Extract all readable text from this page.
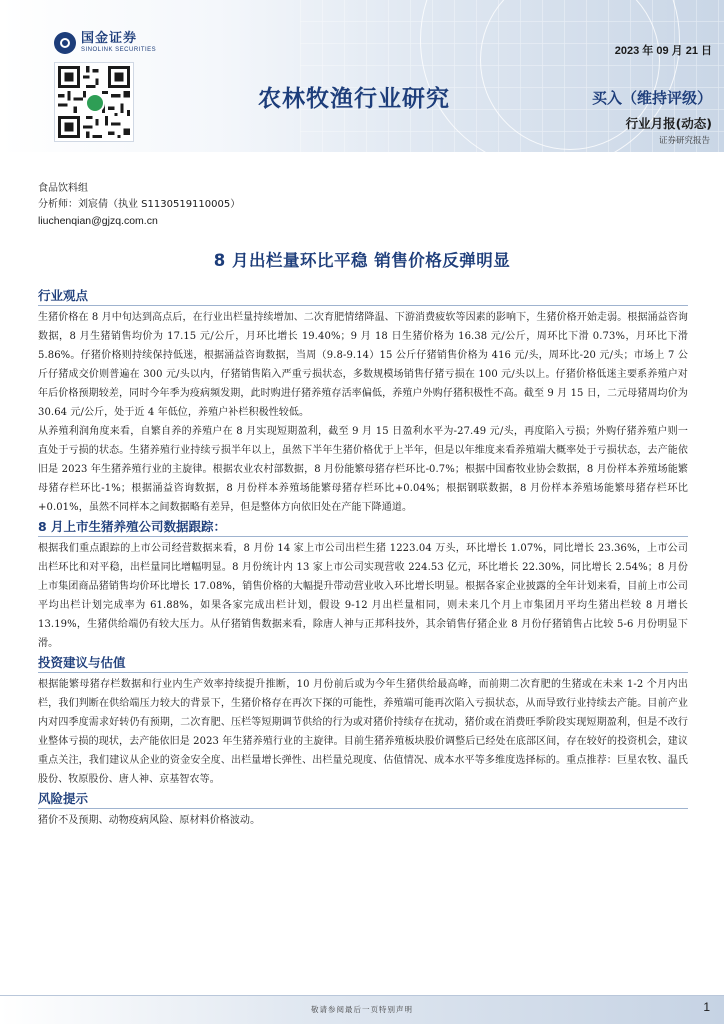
国金证券
SINOLINK SECURITIES	2023 年 09 月 21 日
农林牧渔行业研究	买入（维持评级）
行业月报(动态)
证券研究报告
食品饮料组
分析师：刘宸倩（执业 S1130519110005）
liuchenqian@gjzq.com.cn
8 月出栏量环比平稳 销售价格反弹明显
行业观点

生猪价格在 8 月中旬达到高点后，在行业出栏量持续增加、二次育肥情绪降温、下游消费疲软等因素的影响下，生猪价格开始走弱。根据涌益咨询数据，8 月生猪销售均价为 17.15 元/公斤，月环比增长 19.40%；9 月 18 日生猪价格为 16.38 元/公斤，周环比下滑 0.73%，月环比下滑 5.86%。仔猪价格则持续保持低迷，根据涌益咨询数据，当周（9.8-9.14）15 公斤仔猪销售价格为 416 元/头，周环比-20 元/头；市场上 7 公斤仔猪成交价则普遍在 300 元/头以内，仔猪销售陷入严重亏损状态，多数规模场销售仔猪亏损在 100 元/头以上。仔猪价格低迷主要系养殖户对年后价格预期较差，同时今年季为疫病频发期，此时购进仔猪养殖存活率偏低，养殖户外购仔猪积极性不高。截至 9 月 15 日，二元母猪周均价为 30.64 元/公斤，处于近 4 年低位，养殖户补栏积极性较低。

从养殖利润角度来看，自繁自养的养殖户在 8 月实现短期盈利，截至 9 月 15 日盈利水平为-27.49 元/头，再度陷入亏损；外购仔猪养殖户则一直处于亏损的状态。生猪养殖行业持续亏损半年以上，虽然下半年生猪价格优于上半年，但是以年维度来看养殖端大概率处于亏损状态，去产能依旧是 2023 年生猪养殖行业的主旋律。根据农业农村部数据，8 月份能繁母猪存栏环比-0.7%；根据中国畜牧业协会数据，8 月份样本养殖场能繁母猪存栏环比-1%；根据涌益咨询数据，8 月份样本养殖场能繁母猪存栏环比+0.04%；根据钢联数据，8 月份样本养殖场能繁母猪存栏环比+0.01%，虽然不同样本之间数据略有差异，但是整体方向依旧处在产能下降通道。

8 月上市生猪养殖公司数据跟踪：

根据我们重点跟踪的上市公司经营数据来看，8 月份 14 家上市公司出栏生猪 1223.04 万头，环比增长 1.07%，同比增长 23.36%，上市公司出栏环比和对平稳，出栏量同比增幅明显。8 月份统计内 13 家上市公司实现营收 224.53 亿元，环比增长 22.30%，同比增长 2.54%；8 月份上市集团商品猪销售均价环比增长 17.08%，销售价格的大幅提升带动营业收入环比增长明显。根据各家企业披露的全年计划来看，目前上市公司平均出栏计划完成率为 61.88%，如果各家完成出栏计划，假设 9-12 月出栏量相同，则未来几个月上市集团月平均生猪出栏较 8 月增长 13.19%，生猪供给端仍有较大压力。从仔猪销售数据来看，除唐人神与正邦科技外，其余销售仔猪企业 8 月份仔猪销售占比较 5-6 月份明显下滑。

投资建议与估值

根据能繁母猪存栏数据和行业内生产效率持续提升推断，10 月份前后或为今年生猪供给最高峰，而前期二次育肥的生猪或在未来 1-2 个月内出栏，我们判断在供给端压力较大的背景下，生猪价格存在再次下探的可能性，养殖端可能再次陷入亏损状态，从而导致行业持续去产能。目前产业内对四季度需求好转仍有预期，二次育肥、压栏等短期调节供给的行为或对猪价持续存在扰动，猪价或在消费旺季阶段实现短期盈利，但是不改行业整体亏损的现状，去产能依旧是 2023 年生猪养殖行业的主旋律。目前生猪养殖板块股价调整后已经处在底部区间，存在较好的投资机会，建议重点关注，我们建议从企业的资金安全度、出栏量增长弹性、出栏量兑现度、估值情况、成本水平等多维度选择标的。重点推荐：巨星农牧、温氏股份、牧原股份、唐人神、京基智农等。

风险提示

猪价不及预期、动物疫病风险、原材料价格波动。

敬请参阅最后一页特别声明	1
